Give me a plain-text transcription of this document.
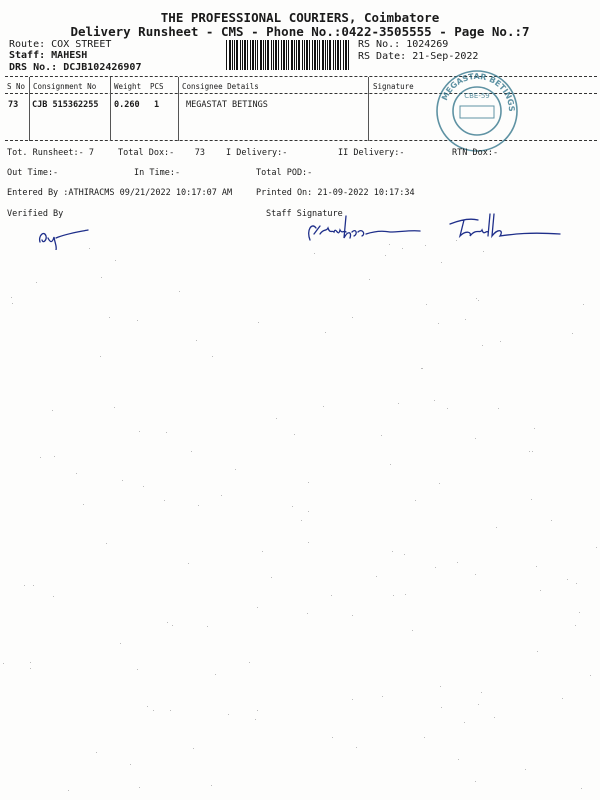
THE PROFESSIONAL COURIERS, Coimbatore
Delivery Runsheet - CMS - Phone No.:0422-3505555 - Page No.:7
Route: COX STREET
Staff: MAHESH
DRS No.: DCJB102426907
RS No.: 1024269
RS Date: 21-Sep-2022
S No Consignment No Weight PCS Consignee Details	Signature
73 CJB 515362255 0.260 1	MEGASTAT BETINGS
MEGASTAR BETINGS
CBE-59
Tot. Runsheet:- 7	Total Dox:- 73 I Delivery:-	II Delivery:-	RTN Dox:-
Out Time:-	In Time:-	Total POD:-
Entered By :ATHIRACMS 09/21/2022 10:17:07 AM	Printed On: 21-09-2022 10:17:34
Verified By	Staff Signature
